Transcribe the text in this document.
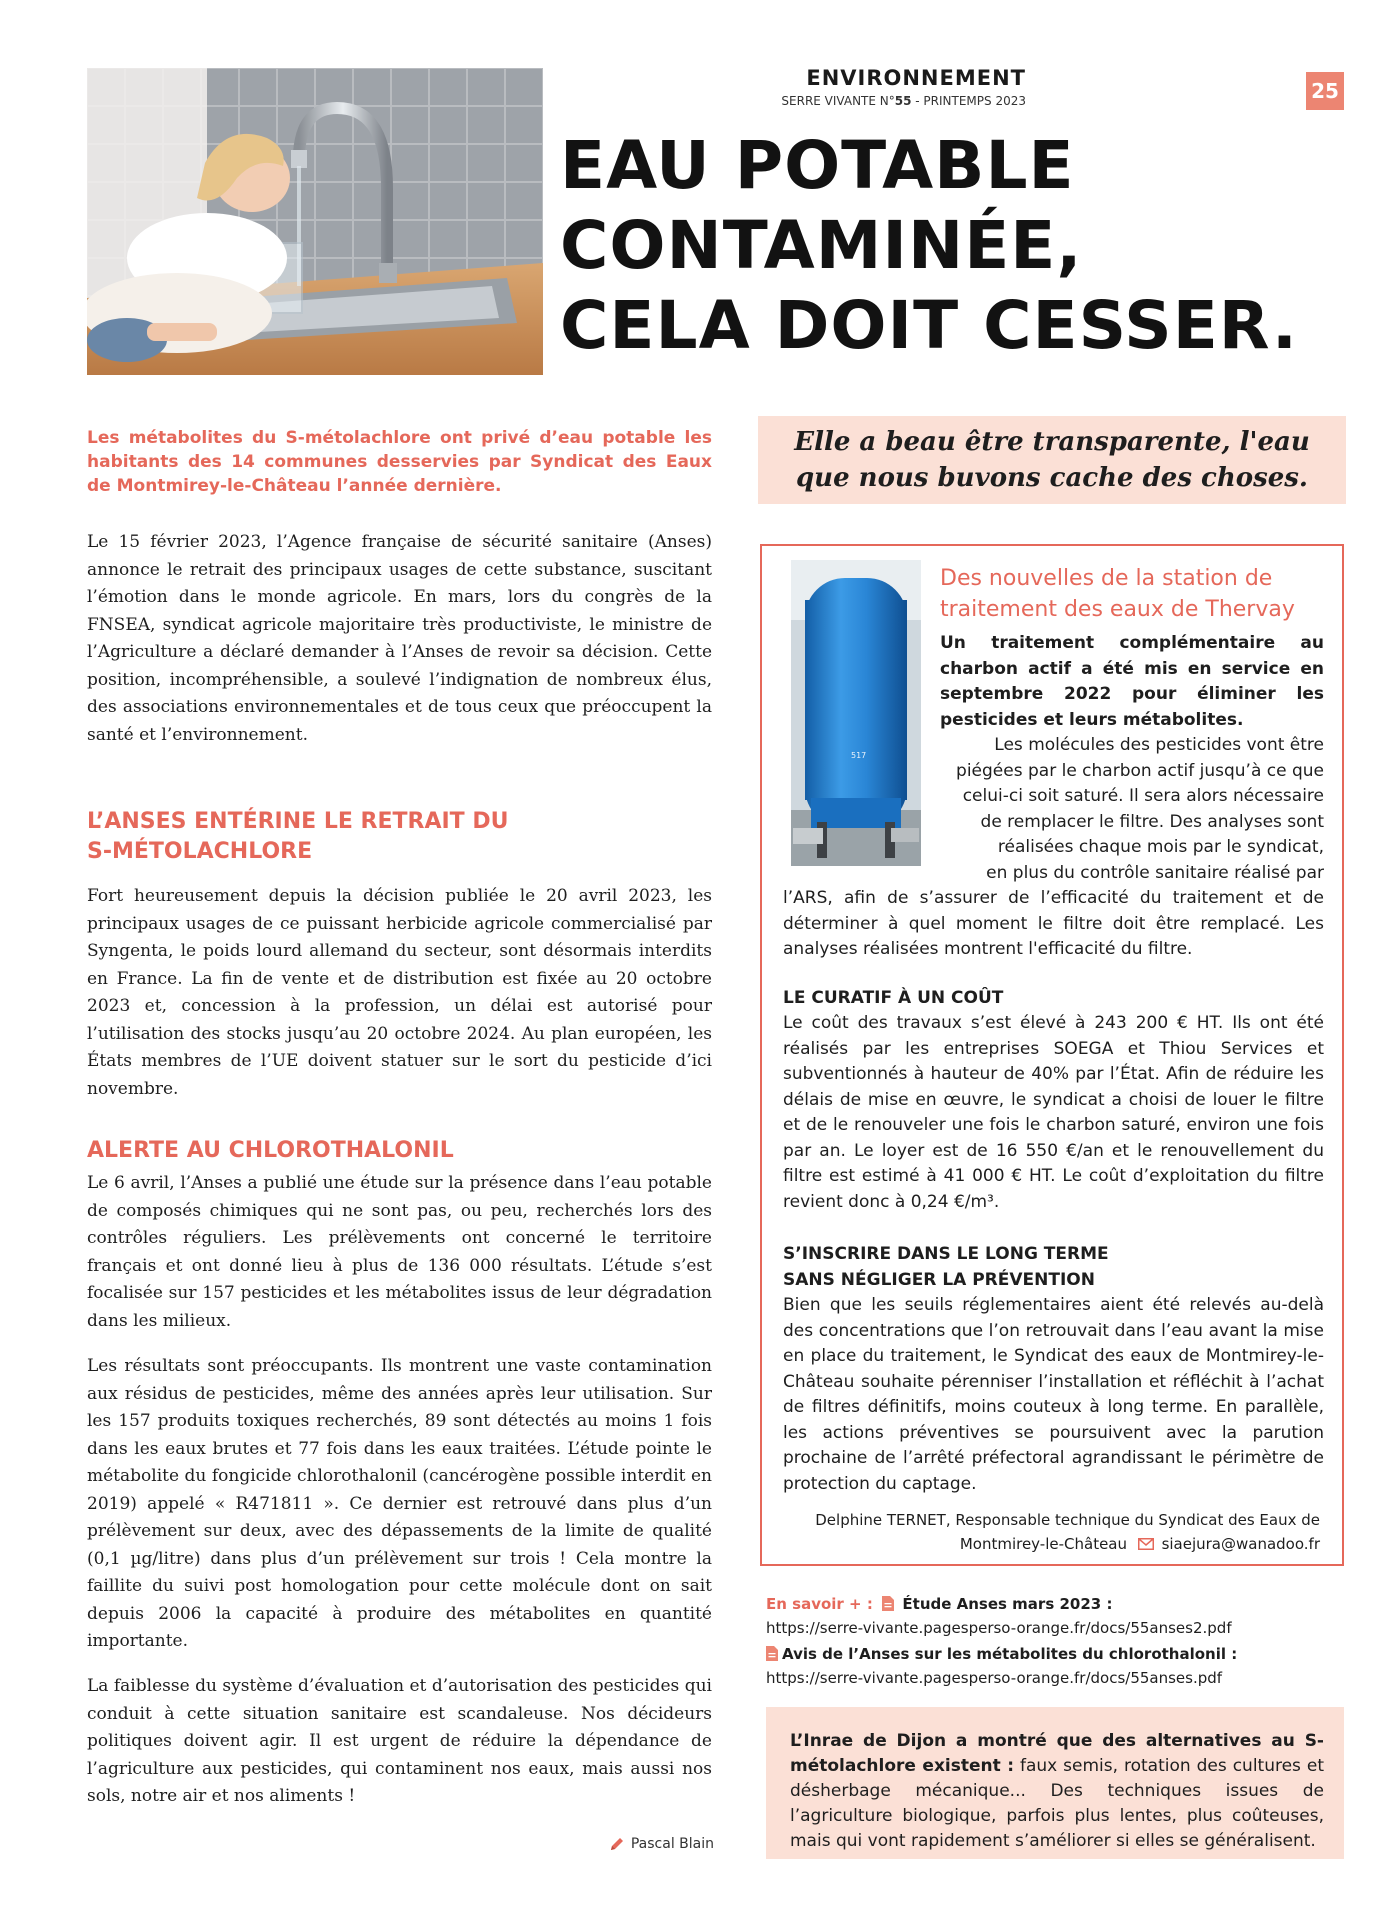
ENVIRONNEMENT
SERRE VIVANTE N°55 - PRINTEMPS 2023	25
EAU POTABLE
CONTAMINÉE,
CELA DOIT CESSER.
Les métabolites du S-métolachlore ont privé d’eau potable les habitants des 14 communes desservies par Syndicat des Eaux de Montmirey-le-Château l’année dernière.

Le 15 février 2023, l’Agence française de sécurité sanitaire (Anses) annonce le retrait des principaux usages de cette substance, suscitant l’émotion dans le monde agricole. En mars, lors du congrès de la FNSEA, syndicat agricole majoritaire très productiviste, le ministre de l’Agriculture a déclaré demander à l’Anses de revoir sa décision. Cette position, incompréhensible, a soulevé l’indignation de nombreux élus, des associations environnementales et de tous ceux que préoccupent la santé et l’environnement.

L’ANSES ENTÉRINE LE RETRAIT DU
S-MÉTOLACHLORE

Fort heureusement depuis la décision publiée le 20 avril 2023, les principaux usages de ce puissant herbicide agricole commercialisé par Syngenta, le poids lourd allemand du secteur, sont désormais interdits en France. La fin de vente et de distribution est fixée au 20 octobre 2023 et, concession à la profession, un délai est autorisé pour l’utilisation des stocks jusqu’au 20 octobre 2024. Au plan européen, les États membres de l’UE doivent statuer sur le sort du pesticide d’ici novembre.

ALERTE AU CHLOROTHALONIL

Le 6 avril, l’Anses a publié une étude sur la présence dans l’eau potable de composés chimiques qui ne sont pas, ou peu, recherchés lors des contrôles réguliers. Les prélèvements ont concerné le territoire français et ont donné lieu à plus de 136 000 résultats. L’étude s’est focalisée sur 157 pesticides et les métabolites issus de leur dégradation dans les milieux.

Les résultats sont préoccupants. Ils montrent une vaste contamination aux résidus de pesticides, même des années après leur utilisation. Sur les 157 produits toxiques recherchés, 89 sont détectés au moins 1 fois dans les eaux brutes et 77 fois dans les eaux traitées. L’étude pointe le métabolite du fongicide chlorothalonil (cancérogène possible interdit en 2019) appelé « R471811 ». Ce dernier est retrouvé dans plus d’un prélèvement sur deux, avec des dépassements de la limite de qualité (0,1 µg/litre) dans plus d’un prélèvement sur trois ! Cela montre la faillite du suivi post homologation pour cette molécule dont on sait depuis 2006 la capacité à produire des métabolites en quantité importante.

La faiblesse du système d’évaluation et d’autorisation des pesticides qui conduit à cette situation sanitaire est scandaleuse. Nos décideurs politiques doivent agir. Il est urgent de réduire la dépendance de l’agriculture aux pesticides, qui contaminent nos eaux, mais aussi nos sols, notre air et nos aliments !

Pascal Blain
Elle a beau être transparente, l'eau
que nous buvons cache des choses.
517
Des nouvelles de la station de
traitement des eaux de Thervay

Un traitement complémentaire au charbon actif a été mis en service en septembre 2022 pour éliminer les pesticides et leurs métabolites.

Les molécules des pesticides vont être

piégées par le charbon actif jusqu’à ce que

celui-ci soit saturé. Il sera alors nécessaire

de remplacer le filtre. Des analyses sont

réalisées chaque mois par le syndicat,

en plus du contrôle sanitaire réalisé par

l’ARS, afin de s’assurer de l’efficacité du traitement et de déterminer à quel moment le filtre doit être remplacé. Les analyses réalisées montrent l'efficacité du filtre.

LE CURATIF À UN COÛT

Le coût des travaux s’est élevé à 243 200 € HT. Ils ont été réalisés par les entreprises SOEGA et Thiou Services et subventionnés à hauteur de 40% par l’État. Afin de réduire les délais de mise en œuvre, le syndicat a choisi de louer le filtre et de le renouveler une fois le charbon saturé, environ une fois par an. Le loyer est de 16 550 €/an et le renouvellement du filtre est estimé à 41 000 € HT. Le coût d’exploitation du filtre revient donc à 0,24 €/m³.

S’INSCRIRE DANS LE LONG TERME

SANS NÉGLIGER LA PRÉVENTION

Bien que les seuils réglementaires aient été relevés au-delà des concentrations que l’on retrouvait dans l’eau avant la mise en place du traitement, le Syndicat des eaux de Montmirey-le-Château souhaite pérenniser l’installation et réfléchit à l’achat de filtres définitifs, moins couteux à long terme. En parallèle, les actions préventives se poursuivent avec la parution prochaine de l’arrêté préfectoral agrandissant le périmètre de protection du captage.

Delphine TERNET, Responsable technique du Syndicat des Eaux de
Montmirey-le-Château siaejura@wanadoo.fr
En savoir + : Étude Anses mars 2023 :
https://serre-vivante.pagesperso-orange.fr/docs/55anses2.pdf
Avis de l’Anses sur les métabolites du chlorothalonil :
https://serre-vivante.pagesperso-orange.fr/docs/55anses.pdf

L’Inrae de Dijon a montré que des alternatives au S-métolachlore existent : faux semis, rotation des cultures et désherbage mécanique... Des techniques issues de l’agriculture biologique, parfois plus lentes, plus coûteuses, mais qui vont rapidement s’améliorer si elles se généralisent.
